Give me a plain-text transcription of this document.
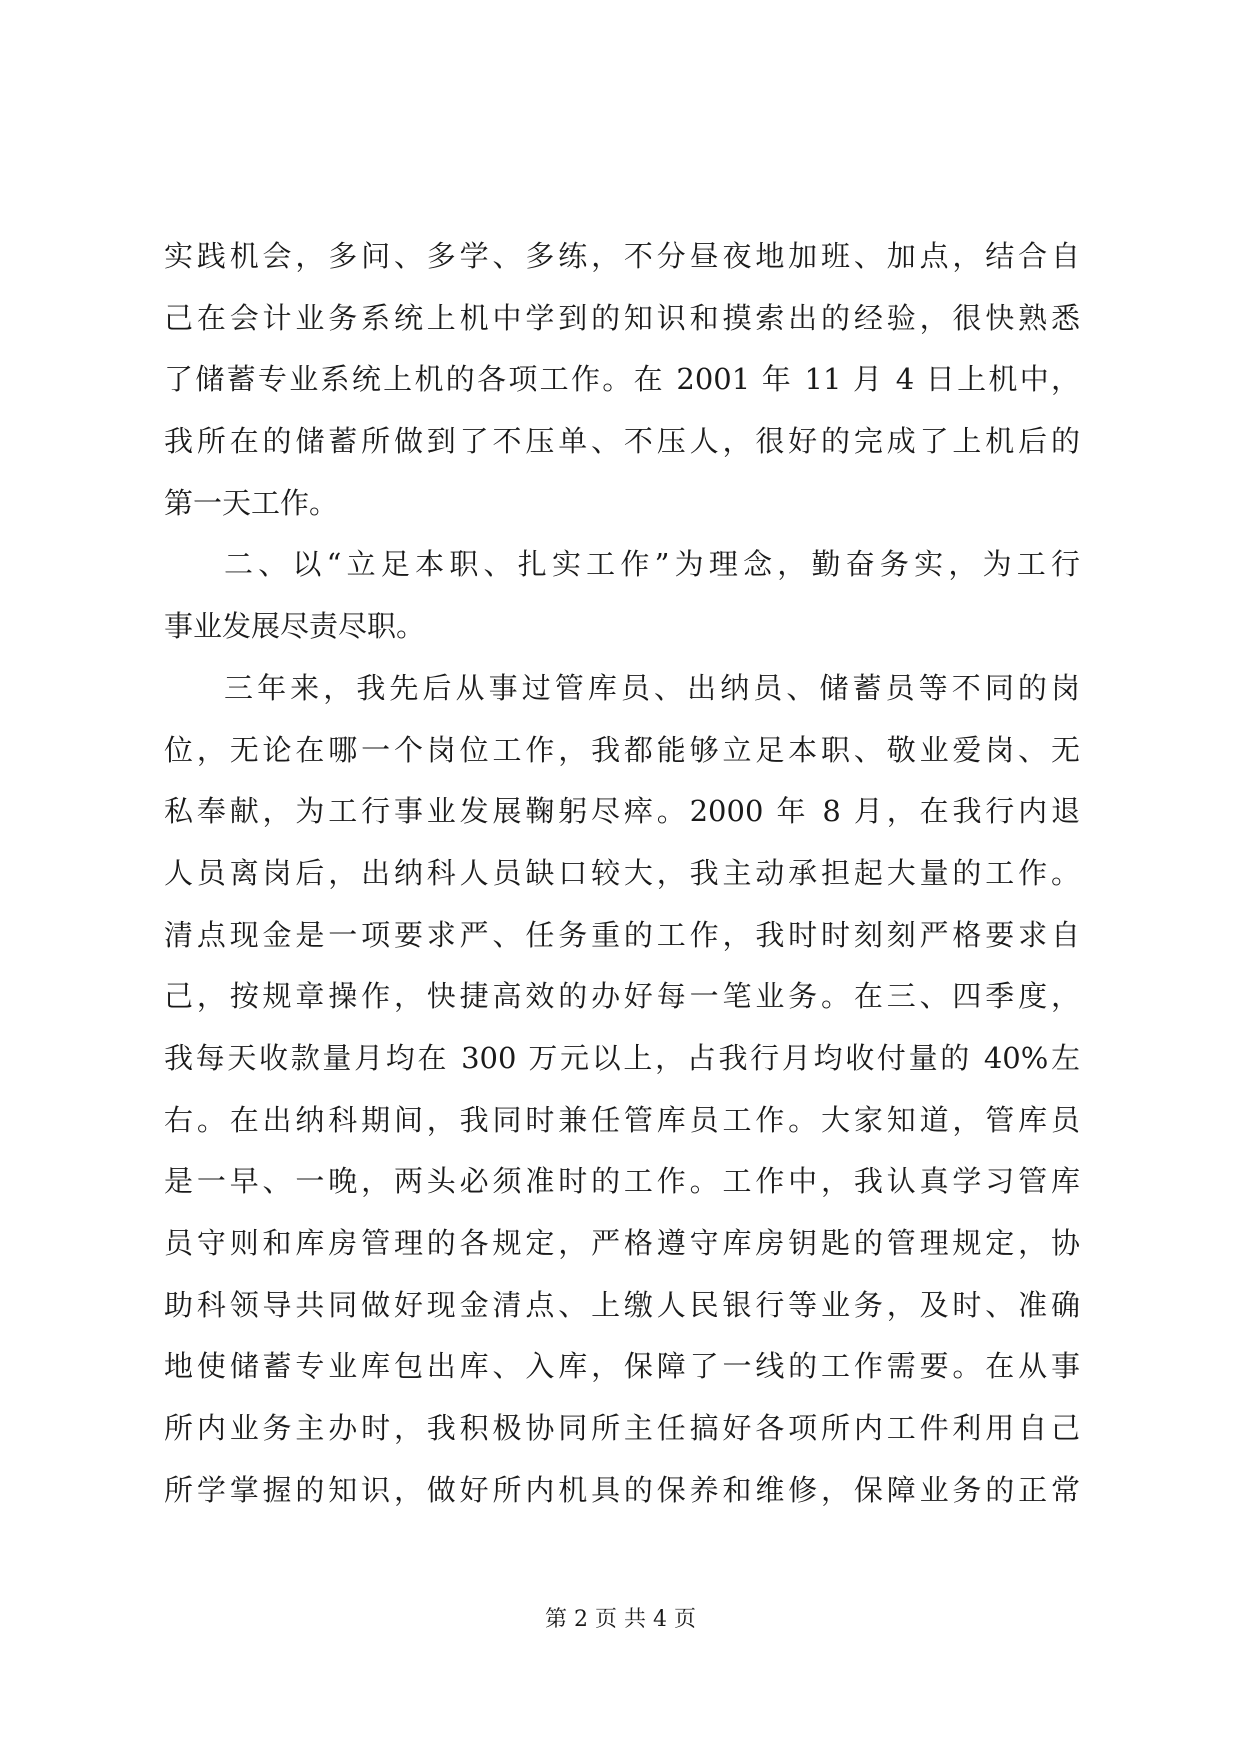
实践机会，多问、多学、多练，不分昼夜地加班、加点，结合自
己在会计业务系统上机中学到的知识和摸索出的经验，很快熟悉
了储蓄专业系统上机的各项工作。在 2001 年 11 月 4 日上机中，
我所在的储蓄所做到了不压单、不压人，很好的完成了上机后的
第一天工作。
二、以“立足本职、扎实工作”为理念，勤奋务实，为工行
事业发展尽责尽职。
三年来，我先后从事过管库员、出纳员、储蓄员等不同的岗
位，无论在哪一个岗位工作，我都能够立足本职、敬业爱岗、无
私奉献，为工行事业发展鞠躬尽瘁。2000 年 8 月，在我行内退
人员离岗后，出纳科人员缺口较大，我主动承担起大量的工作。
清点现金是一项要求严、任务重的工作，我时时刻刻严格要求自
己，按规章操作，快捷高效的办好每一笔业务。在三、四季度，
我每天收款量月均在 300 万元以上，占我行月均收付量的 40%左
右。在出纳科期间，我同时兼任管库员工作。大家知道，管库员
是一早、一晚，两头必须准时的工作。工作中，我认真学习管库
员守则和库房管理的各规定，严格遵守库房钥匙的管理规定，协
助科领导共同做好现金清点、上缴人民银行等业务，及时、准确
地使储蓄专业库包出库、入库，保障了一线的工作需要。在从事
所内业务主办时，我积极协同所主任搞好各项所内工件利用自己
所学掌握的知识，做好所内机具的保养和维修，保障业务的正常
第 2 页 共 4 页
